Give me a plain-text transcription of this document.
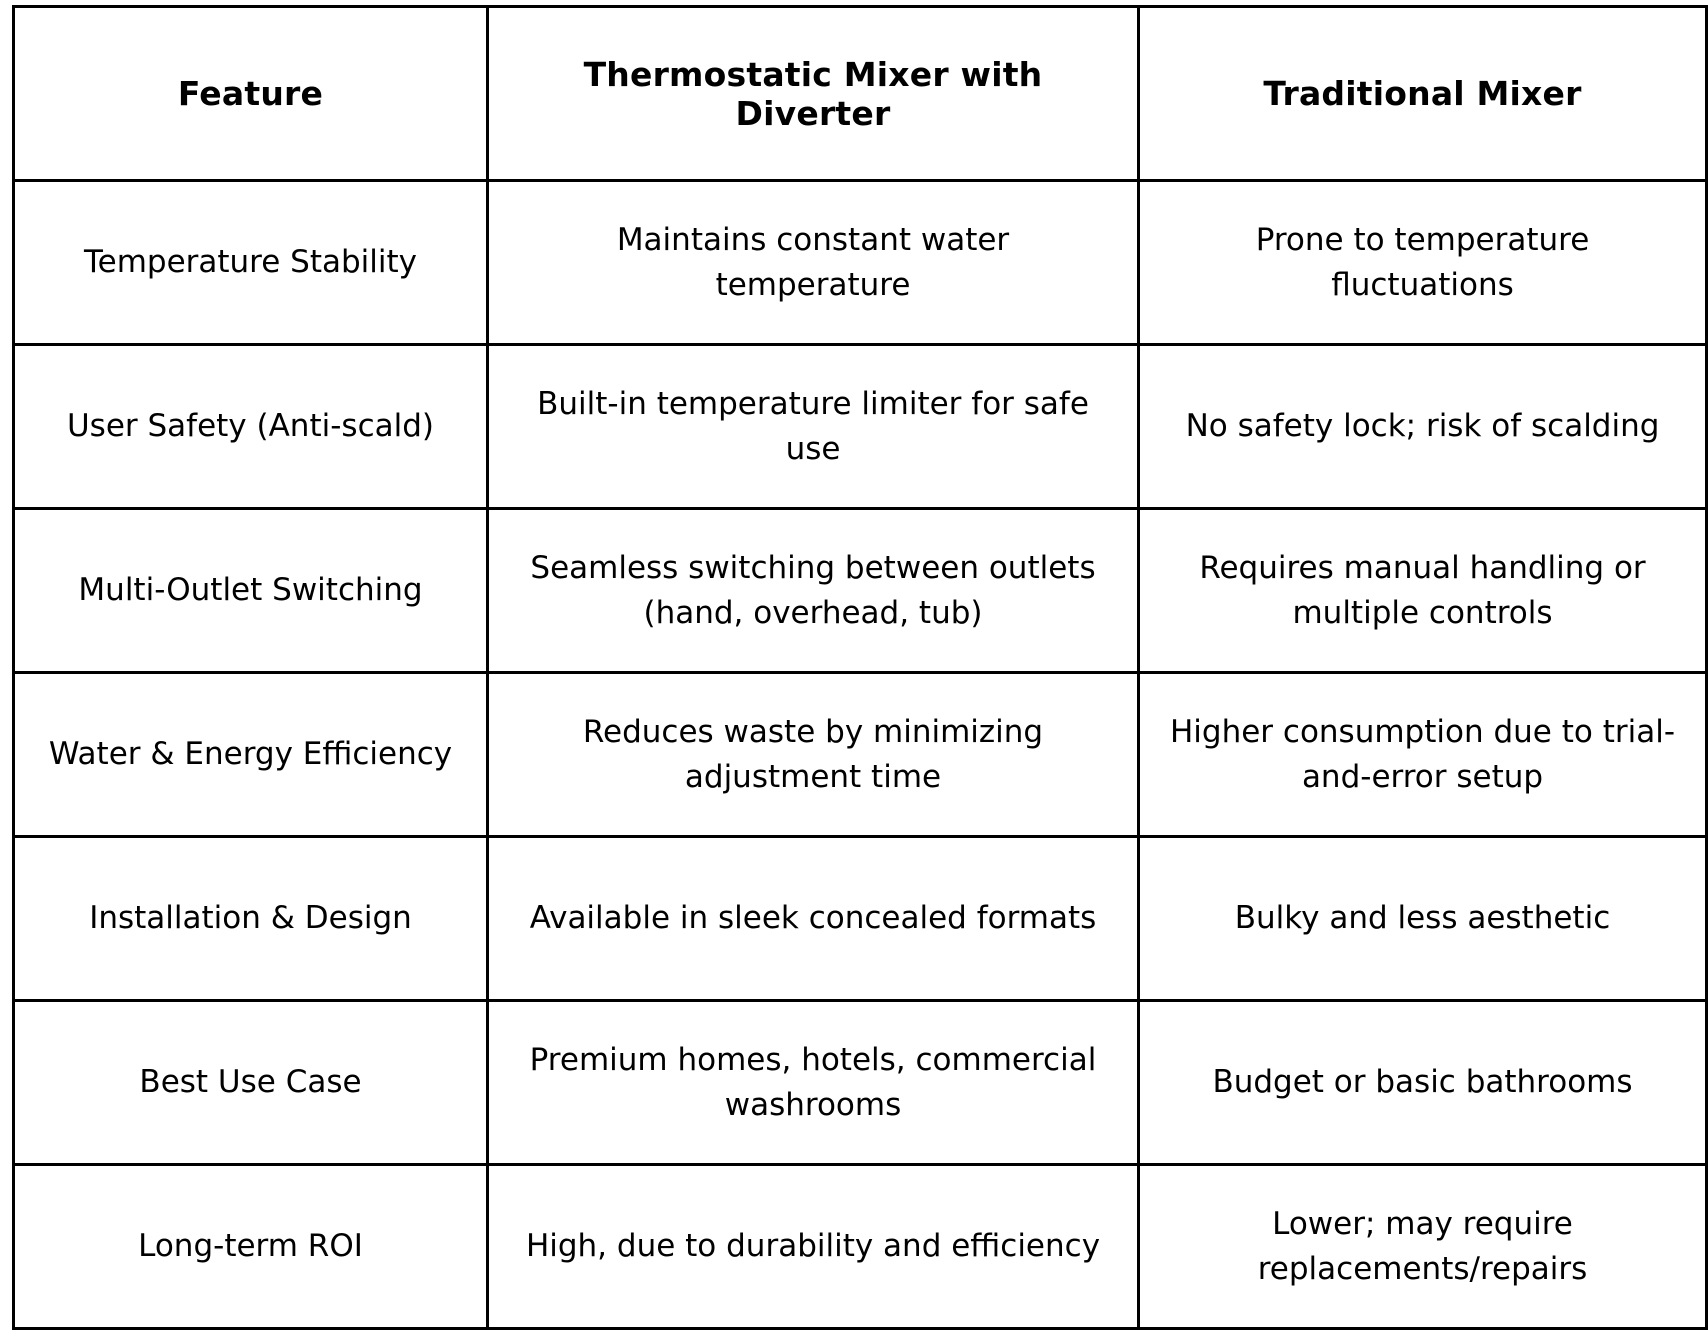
Feature	Thermostatic Mixer with Diverter	Traditional Mixer
Temperature Stability	Maintains constant water temperature	Prone to temperature fluctuations
User Safety (Anti-scald)	Built-in temperature limiter for safe use	No safety lock; risk of scalding
Multi-Outlet Switching	Seamless switching between outlets (hand, overhead, tub)	Requires manual handling or multiple controls
Water & Energy Efficiency	Reduces waste by minimizing adjustment time	Higher consumption due to trial-and-error setup
Installation & Design	Available in sleek concealed formats	Bulky and less aesthetic
Best Use Case	Premium homes, hotels, commercial washrooms	Budget or basic bathrooms
Long-term ROI	High, due to durability and efficiency	Lower; may require replacements/repairs
